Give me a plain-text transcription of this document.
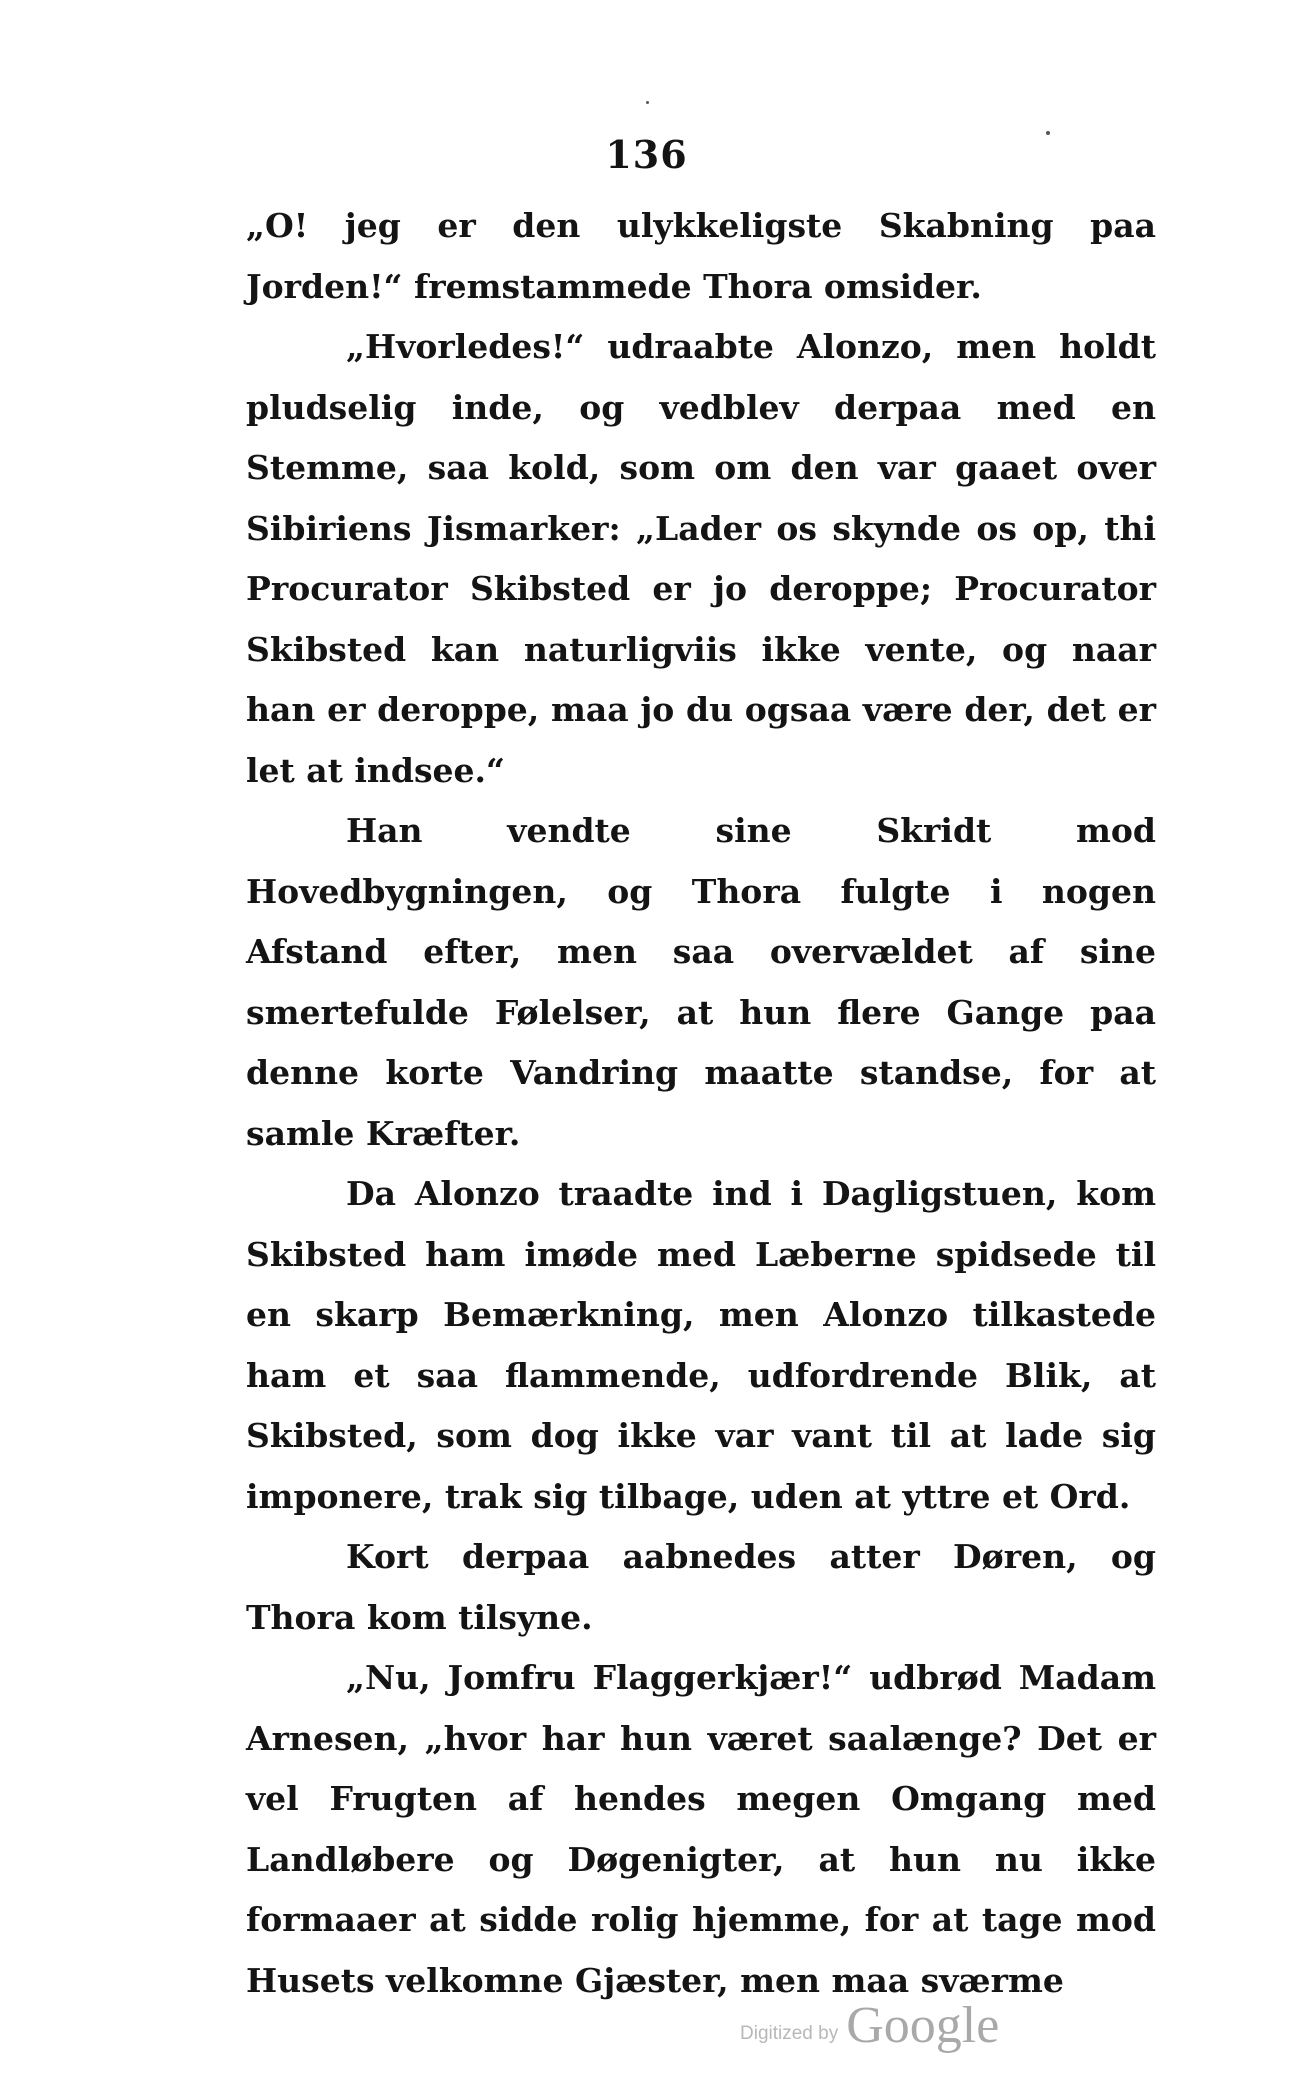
136

„O! jeg er den ulykkeligste Skabning paa Jorden!“ fremstammede Thora omsider.

„Hvorledes!“ udraabte Alonzo, men holdt pludselig inde, og vedblev derpaa med en Stemme, saa kold, som om den var gaaet over Sibiriens Jismarker: „Lader os skynde os op, thi Procurator Skibsted er jo deroppe; Procurator Skibsted kan naturligviis ikke vente, og naar han er deroppe, maa jo du ogsaa være der, det er let at indsee.“

Han vendte sine Skridt mod Hovedbygningen, og Thora fulgte i nogen Afstand efter, men saa overvældet af sine smertefulde Følelser, at hun flere Gange paa denne korte Vandring maatte standse, for at samle Kræfter.

Da Alonzo traadte ind i Dagligstuen, kom Skibsted ham imøde med Læberne spidsede til en skarp Bemærkning, men Alonzo tilkastede ham et saa flammende, udfordrende Blik, at Skibsted, som dog ikke var vant til at lade sig imponere, trak sig tilbage, uden at yttre et Ord.

Kort derpaa aabnedes atter Døren, og Thora kom tilsyne.

„Nu, Jomfru Flaggerkjær!“ udbrød Madam Arnesen, „hvor har hun været saalænge? Det er vel Frugten af hendes megen Omgang med Landløbere og Døgenigter, at hun nu ikke formaaer at sidde rolig hjemme, for at tage mod Husets velkomne Gjæster, men maa sværme

Digitized by Google
